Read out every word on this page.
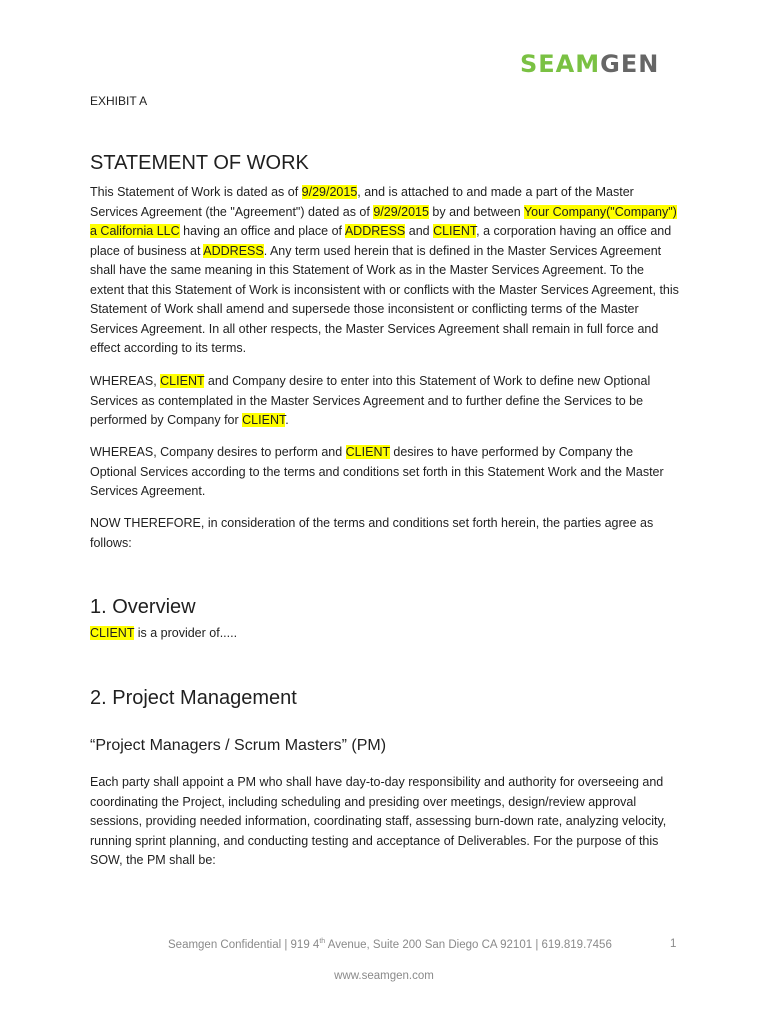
SEAMGEN
EXHIBIT A
STATEMENT OF WORK

This Statement of Work is dated as of 9/29/2015, and is attached to and made a part of the Master Services Agreement (the "Agreement") dated as of 9/29/2015 by and between Your Company("Company") a California LLC having an office and place of ADDRESS and CLIENT, a corporation having an office and place of business at ADDRESS. Any term used herein that is defined in the Master Services Agreement shall have the same meaning in this Statement of Work as in the Master Services Agreement. To the extent that this Statement of Work is inconsistent with or conflicts with the Master Services Agreement, this Statement of Work shall amend and supersede those inconsistent or conflicting terms of the Master Services Agreement. In all other respects, the Master Services Agreement shall remain in full force and effect according to its terms.

WHEREAS, CLIENT and Company desire to enter into this Statement of Work to define new Optional Services as contemplated in the Master Services Agreement and to further define the Services to be performed by Company for CLIENT.

WHEREAS, Company desires to perform and CLIENT desires to have performed by Company the Optional Services according to the terms and conditions set forth in this Statement Work and the Master Services Agreement.

NOW THEREFORE, in consideration of the terms and conditions set forth herein, the parties agree as follows:

1. Overview

CLIENT is a provider of.....

2. Project Management
“Project Managers / Scrum Masters” (PM)

Each party shall appoint a PM who shall have day-to-day responsibility and authority for overseeing and coordinating the Project, including scheduling and presiding over meetings, design/review approval sessions, providing needed information, coordinating staff, assessing burn-down rate, analyzing velocity, running sprint planning, and conducting testing and acceptance of Deliverables. For the purpose of this SOW, the PM shall be:

Seamgen Confidential | 919 4th Avenue, Suite 200 San Diego CA 92101 | 619.819.7456	1
www.seamgen.com
